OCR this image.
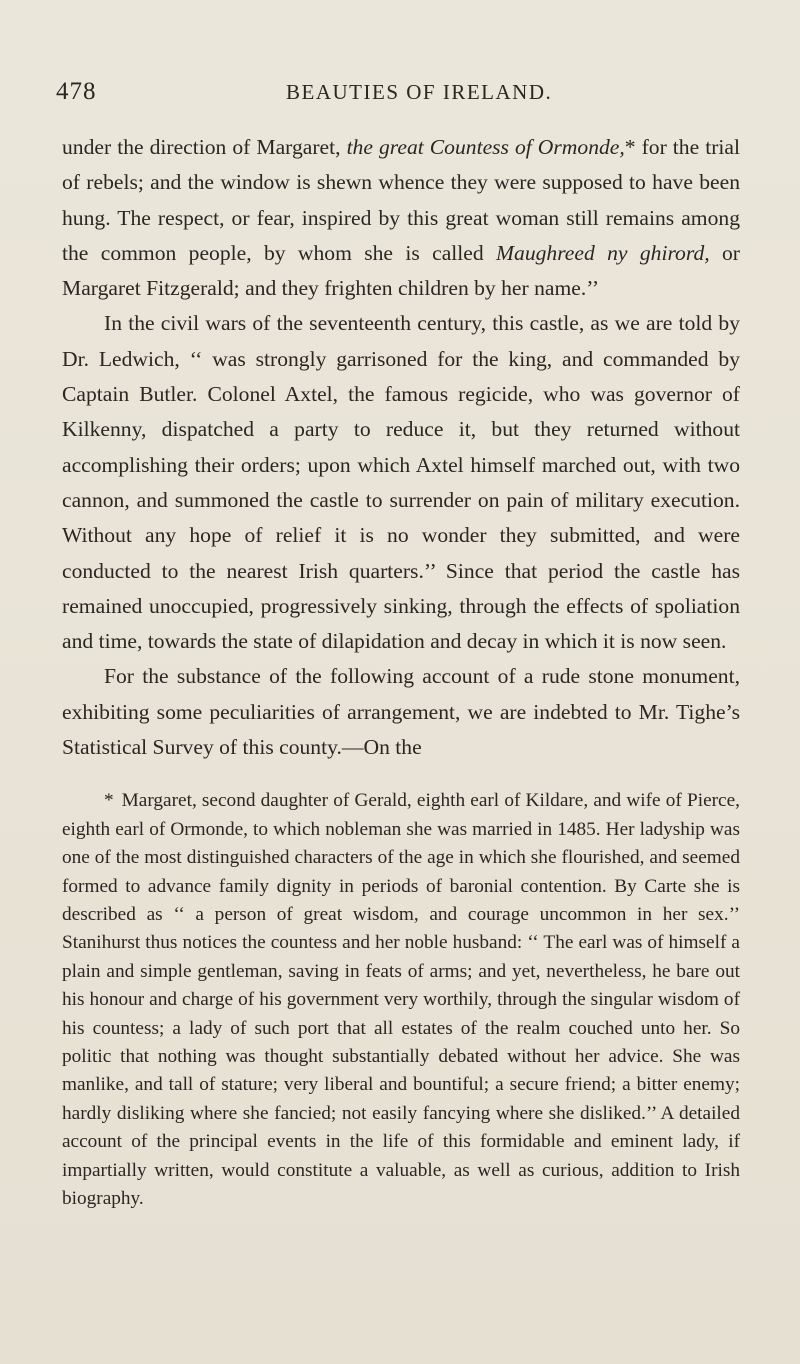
478	BEAUTIES OF IRELAND.

under the direction of Margaret, the great Countess of Ormonde,* for the trial of rebels; and the window is shewn whence they were supposed to have been hung. The respect, or fear, inspired by this great woman still remains among the common people, by whom she is called Maughreed ny ghirord, or Margaret Fitzgerald; and they frighten children by her name.’’

In the civil wars of the seventeenth century, this castle, as we are told by Dr. Ledwich, ‘‘ was strongly garrisoned for the king, and commanded by Captain Butler. Colonel Axtel, the famous regicide, who was governor of Kilkenny, dispatched a party to reduce it, but they returned without accomplishing their orders; upon which Axtel himself marched out, with two cannon, and summoned the castle to surrender on pain of military execution. Without any hope of relief it is no wonder they submitted, and were conducted to the nearest Irish quarters.’’ Since that period the castle has remained unoccupied, progressively sinking, through the effects of spoliation and time, towards the state of dilapidation and decay in which it is now seen.

For the substance of the following account of a rude stone monument, exhibiting some peculiarities of arrangement, we are indebted to Mr. Tighe’s Statistical Survey of this county.—On the

* Margaret, second daughter of Gerald, eighth earl of Kildare, and wife of Pierce, eighth earl of Ormonde, to which nobleman she was married in 1485. Her ladyship was one of the most distinguished characters of the age in which she flourished, and seemed formed to advance family dignity in periods of baronial contention. By Carte she is described as ‘‘ a person of great wisdom, and courage uncommon in her sex.’’ Stanihurst thus notices the countess and her noble husband: ‘‘ The earl was of himself a plain and simple gentleman, saving in feats of arms; and yet, nevertheless, he bare out his honour and charge of his government very worthily, through the singular wisdom of his countess; a lady of such port that all estates of the realm couched unto her. So politic that nothing was thought substantially debated without her advice. She was manlike, and tall of stature; very liberal and bountiful; a secure friend; a bitter enemy; hardly disliking where she fancied; not easily fancying where she disliked.’’ A detailed account of the principal events in the life of this formidable and eminent lady, if impartially written, would constitute a valuable, as well as curious, addition to Irish biography.
